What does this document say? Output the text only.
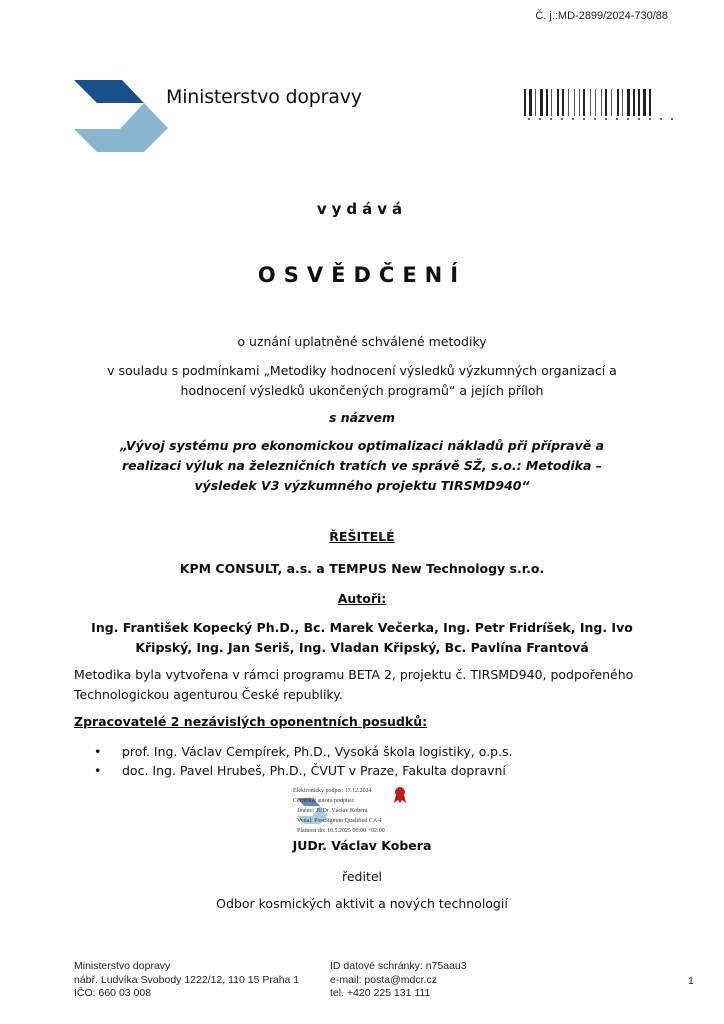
Č. j.:MD-2899/2024-730/88
Ministerstvo dopravy
vydává
OSVĚDČENÍ
o uznání uplatněné schválené metodiky
v souladu s podmínkami „Metodiky hodnocení výsledků výzkumných organizací a hodnocení výsledků ukončených programů“ a jejích příloh
s názvem
„Vývoj systému pro ekonomickou optimalizaci nákladů při přípravě a realizaci výluk na železničních tratích ve správě SŽ, s.o.: Metodika – výsledek V3 výzkumného projektu TIRSMD940“
ŘEŠITELÉ
KPM CONSULT, a.s. a TEMPUS New Technology s.r.o.
Autoři:
Ing. František Kopecký Ph.D., Bc. Marek Večerka, Ing. Petr Fridríšek, Ing. Ivo Křipský, Ing. Jan Seriš, Ing. Vladan Křipský, Bc. Pavlína Frantová
Metodika byla vytvořena v rámci programu BETA 2, projektu č. TIRSMD940, podpořeného Technologickou agenturou České republiky.
Zpracovatelé 2 nezávislých oponentních posudků:
• prof. Ing. Václav Cempírek, Ph.D., Vysoká škola logistiky, o.p.s.
• doc. Ing. Pavel Hrubeš, Ph.D., ČVUT v Praze, Fakulta dopravní
Elektronický podpis: 17.12.2024
Certifikát autora podpisu:
Jméno: JUDr. Václav Kobera
Vydal: PostSignum Qualified CA 4
Platnost do: 10.5.2025 00:00 +02:00
JUDr. Václav Kobera
ředitel
Odbor kosmických aktivit a nových technologií
Ministerstvo dopravy
nábř. Ludvíka Svobody 1222/12, 110 15 Praha 1
IČO: 660 03 008
ID datové schránky: n75aau3
e-mail: posta@mdcr.cz
tel. +420 225 131 111
1
